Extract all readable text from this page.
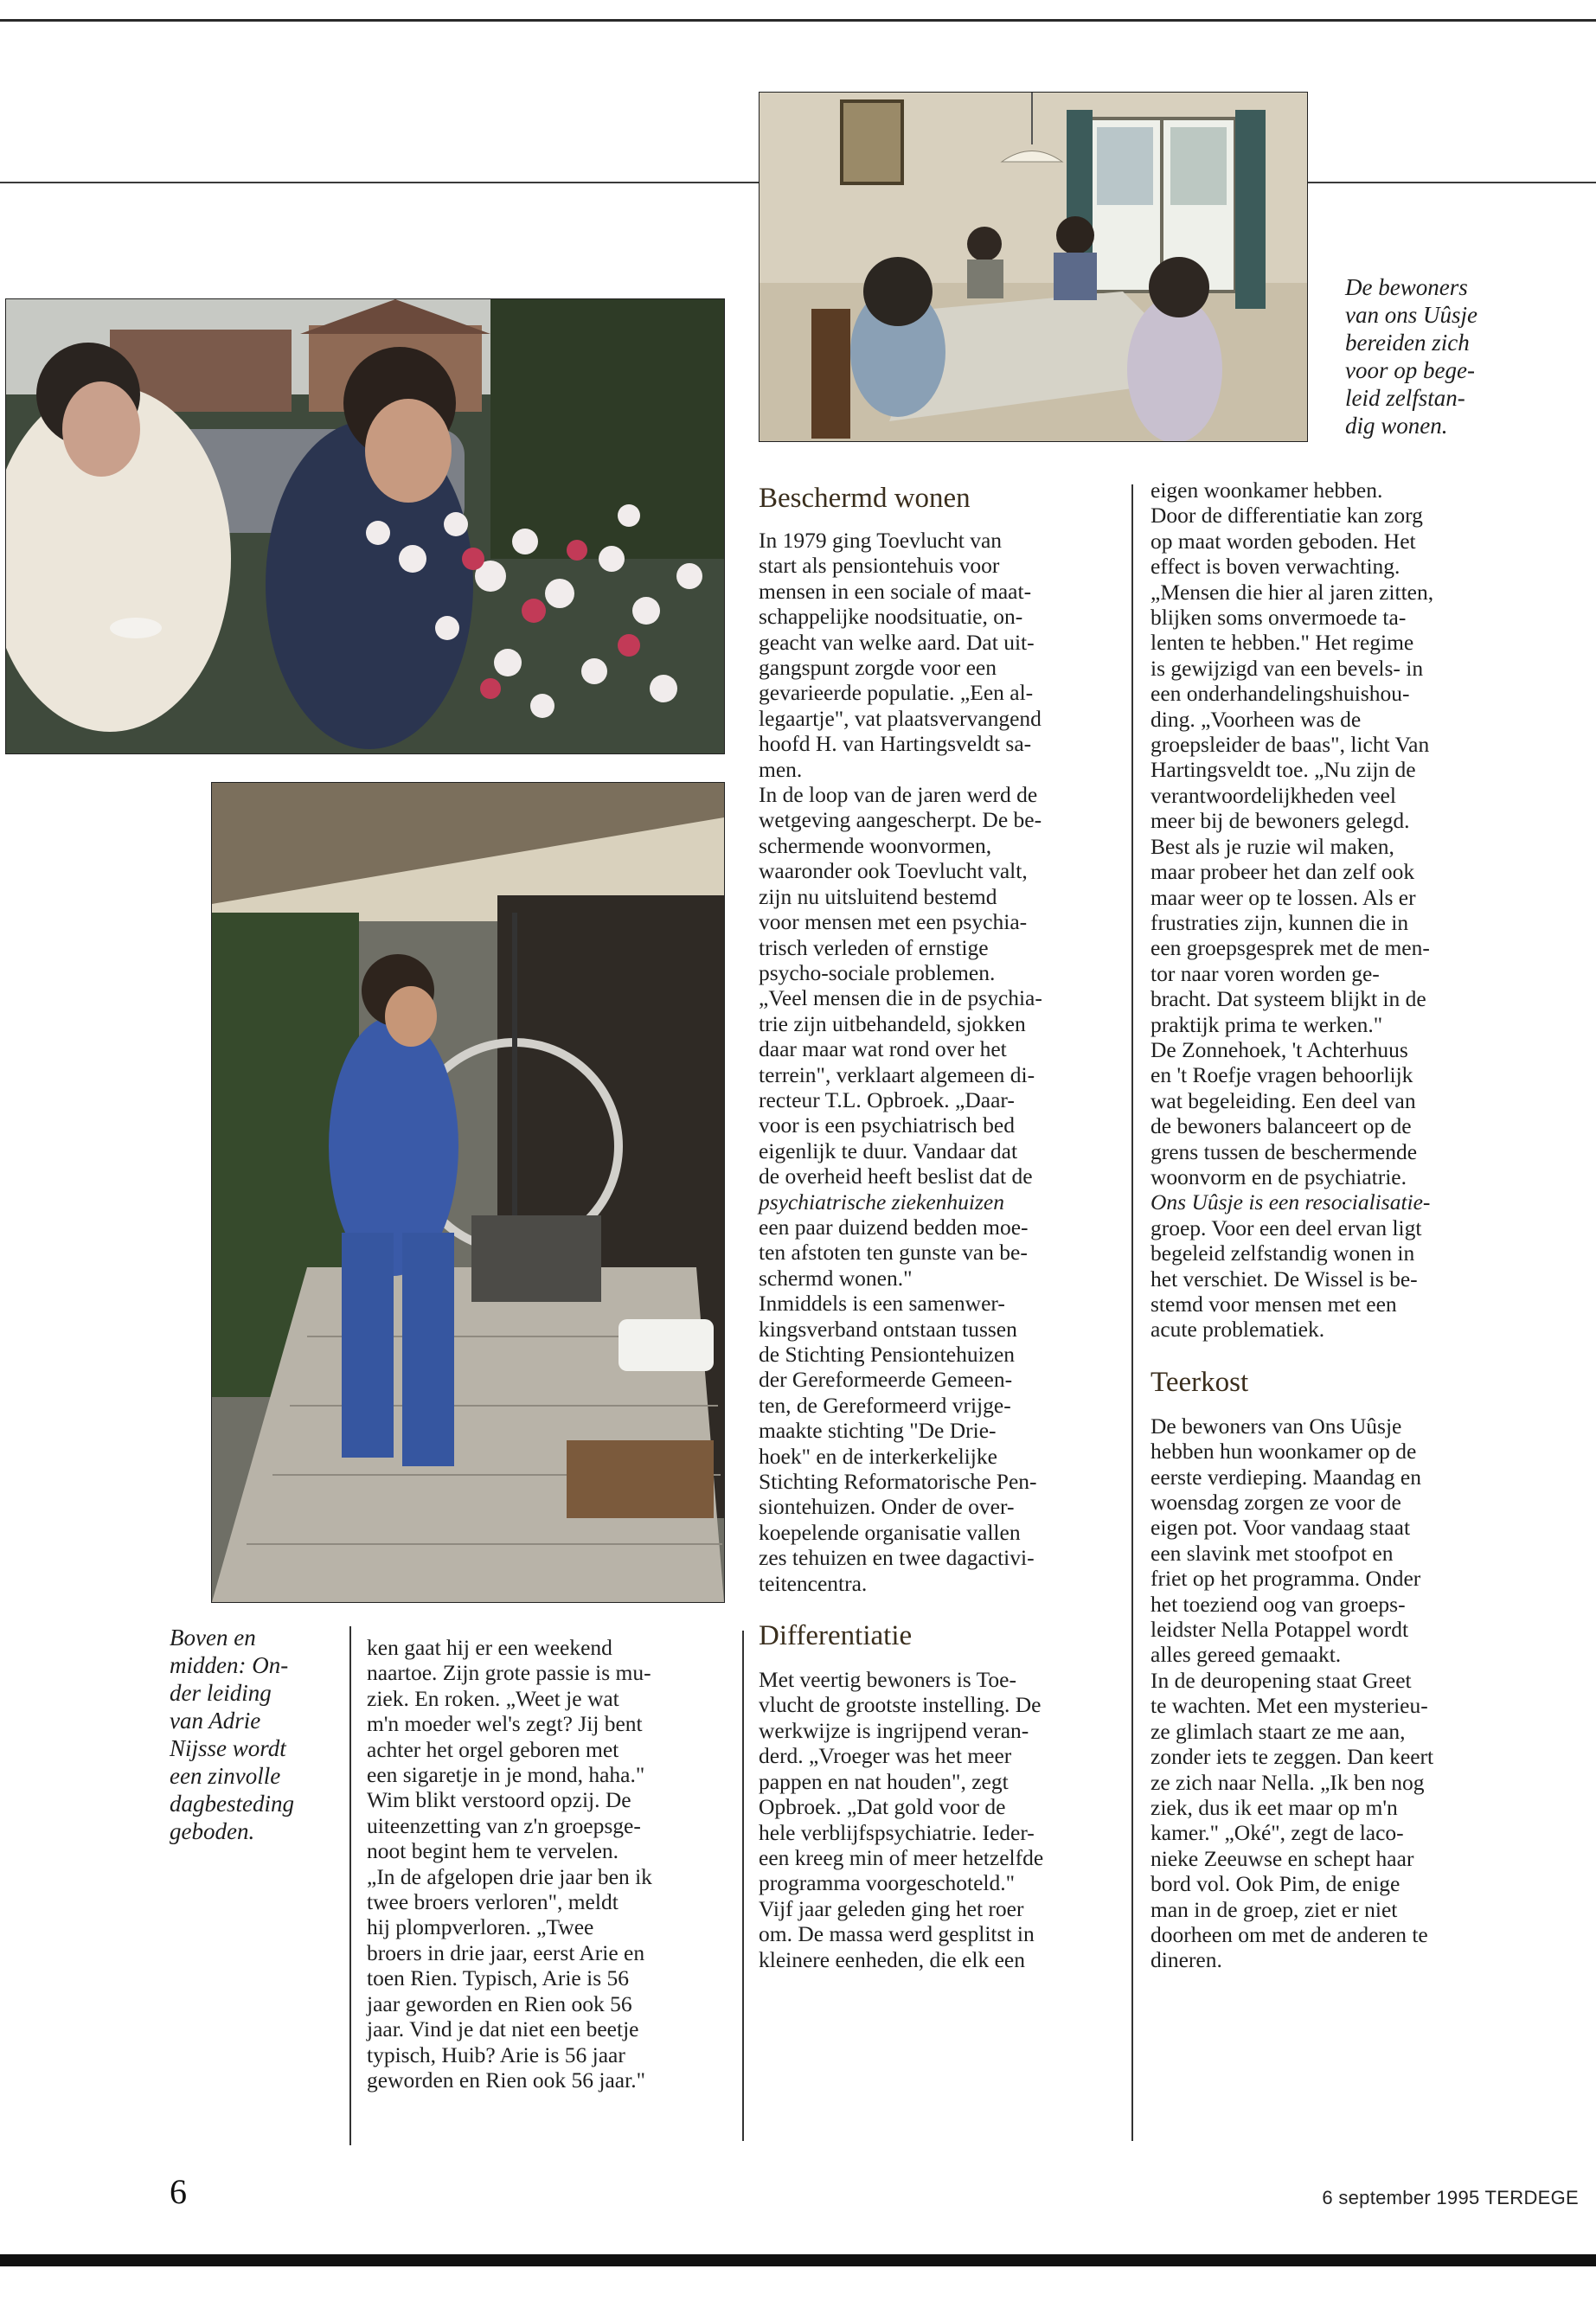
De bewoners
van ons Uûsje
bereiden zich
voor op bege-
leid zelfstan-
dig wonen.
Boven en
midden: On-
der leiding
van Adrie
Nijsse wordt
een zinvolle
dagbesteding
geboden.

ken gaat hij er een weekend
naartoe. Zijn grote passie is mu-
ziek. En roken. „Weet je wat
m'n moeder wel's zegt? Jij bent
achter het orgel geboren met
een sigaretje in je mond, haha."
Wim blikt verstoord opzij. De
uiteenzetting van z'n groepsge-
noot begint hem te vervelen.
„In de afgelopen drie jaar ben ik
twee broers verloren", meldt
hij plompverloren. „Twee
broers in drie jaar, eerst Arie en
toen Rien. Typisch, Arie is 56
jaar geworden en Rien ook 56
jaar. Vind je dat niet een beetje
typisch, Huib? Arie is 56 jaar
geworden en Rien ook 56 jaar."

Beschermd wonen

In 1979 ging Toevlucht van
start als pensiontehuis voor
mensen in een sociale of maat-
schappelijke noodsituatie, on-
geacht van welke aard. Dat uit-
gangspunt zorgde voor een
gevarieerde populatie. „Een al-
legaartje", vat plaatsvervangend
hoofd H. van Hartingsveldt sa-
men.

In de loop van de jaren werd de
wetgeving aangescherpt. De be-
schermende woonvormen,
waaronder ook Toevlucht valt,
zijn nu uitsluitend bestemd
voor mensen met een psychia-
trisch verleden of ernstige
psycho-sociale problemen.
„Veel mensen die in de psychia-
trie zijn uitbehandeld, sjokken
daar maar wat rond over het
terrein", verklaart algemeen di-
recteur T.L. Opbroek. „Daar-
voor is een psychiatrisch bed
eigenlijk te duur. Vandaar dat
de overheid heeft beslist dat de
psychiatrische ziekenhuizen
een paar duizend bedden moe-
ten afstoten ten gunste van be-
schermd wonen."

Inmiddels is een samenwer-
kingsverband ontstaan tussen
de Stichting Pensiontehuizen
der Gereformeerde Gemeen-
ten, de Gereformeerd vrijge-
maakte stichting "De Drie-
hoek" en de interkerkelijke
Stichting Reformatorische Pen-
siontehuizen. Onder de over-
koepelende organisatie vallen
zes tehuizen en twee dagactivi-
teitencentra.

Differentiatie

Met veertig bewoners is Toe-
vlucht de grootste instelling. De
werkwijze is ingrijpend veran-
derd. „Vroeger was het meer
pappen en nat houden", zegt
Opbroek. „Dat gold voor de
hele verblijfspsychiatrie. Ieder-
een kreeg min of meer hetzelfde
programma voorgeschoteld."
Vijf jaar geleden ging het roer
om. De massa werd gesplitst in
kleinere eenheden, die elk een

eigen woonkamer hebben.
Door de differentiatie kan zorg
op maat worden geboden. Het
effect is boven verwachting.
„Mensen die hier al jaren zitten,
blijken soms onvermoede ta-
lenten te hebben." Het regime
is gewijzigd van een bevels- in
een onderhandelingshuishou-
ding. „Voorheen was de
groepsleider de baas", licht Van
Hartingsveldt toe. „Nu zijn de
verantwoordelijkheden veel
meer bij de bewoners gelegd.
Best als je ruzie wil maken,
maar probeer het dan zelf ook
maar weer op te lossen. Als er
frustraties zijn, kunnen die in
een groepsgesprek met de men-
tor naar voren worden ge-
bracht. Dat systeem blijkt in de
praktijk prima te werken."

De Zonnehoek, 't Achterhuus
en 't Roefje vragen behoorlijk
wat begeleiding. Een deel van
de bewoners balanceert op de
grens tussen de beschermende
woonvorm en de psychiatrie.
Ons Uûsje is een resocialisatie-
groep. Voor een deel ervan ligt
begeleid zelfstandig wonen in
het verschiet. De Wissel is be-
stemd voor mensen met een
acute problematiek.

Teerkost

De bewoners van Ons Uûsje
hebben hun woonkamer op de
eerste verdieping. Maandag en
woensdag zorgen ze voor de
eigen pot. Voor vandaag staat
een slavink met stoofpot en
friet op het programma. Onder
het toeziend oog van groeps-
leidster Nella Potappel wordt
alles gereed gemaakt.

In de deuropening staat Greet
te wachten. Met een mysterieu-
ze glimlach staart ze me aan,
zonder iets te zeggen. Dan keert
ze zich naar Nella. „Ik ben nog
ziek, dus ik eet maar op m'n
kamer." „Oké", zegt de laco-
nieke Zeeuwse en schept haar
bord vol. Ook Pim, de enige
man in de groep, ziet er niet
doorheen om met de anderen te
dineren.

6	6 september 1995 TERDEGE
